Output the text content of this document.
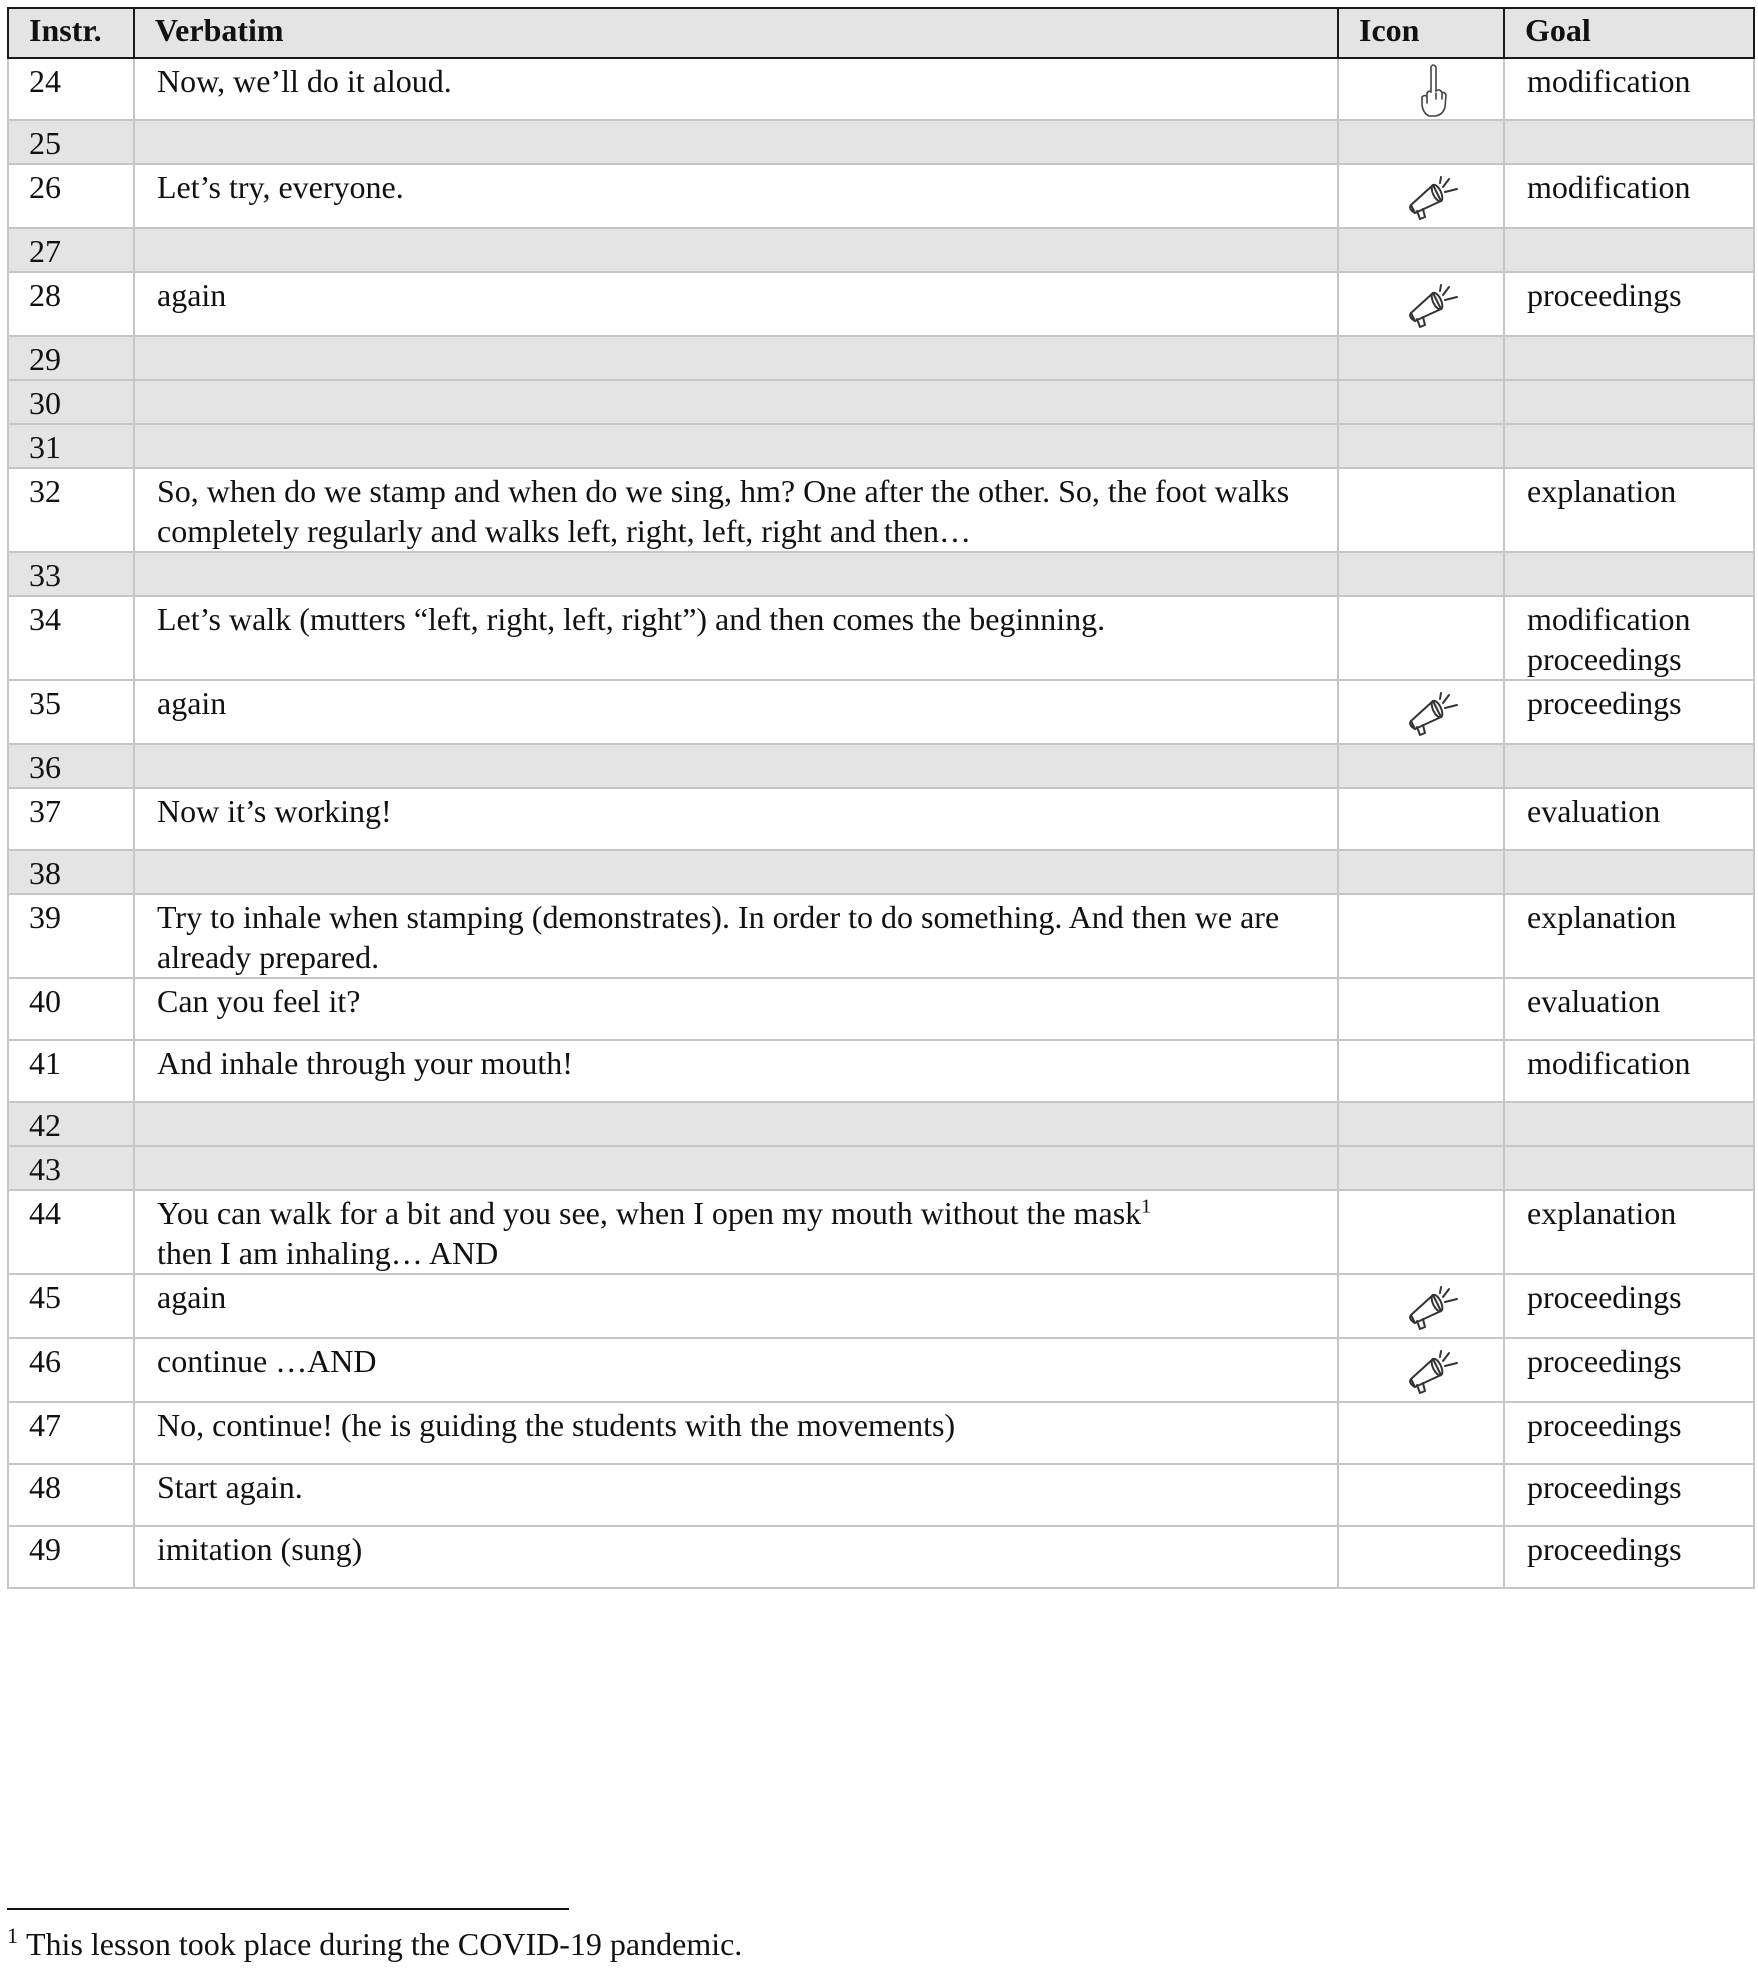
Instr.	Verbatim	Icon	Goal

24	Now, we’ll do it aloud.		modification

25			

26	Let’s try, everyone.		modification

27			

28	again		proceedings

29			

30			

31			

32	So, when do we stamp and when do we sing, hm? One after the other. So, the foot walks completely regularly and walks left, right, left, right and then…		explanation

33			

34	Let’s walk (mutters “left, right, left, right”) and then comes the beginning.		modification
proceedings

35	again		proceedings

36			

37	Now it’s working!		evaluation

38			

39	Try to inhale when stamping (demonstrates). In order to do something. And then we are already prepared.		explanation

40	Can you feel it?		evaluation

41	And inhale through your mouth!		modification

42			

43			

44	You can walk for a bit and you see, when I open my mouth without the mask$^1$
then I am inhaling… AND		explanation

45	again		proceedings

46	continue …AND		proceedings

47	No, continue! (he is guiding the students with the movements)		proceedings

48	Start again.		proceedings

49	imitation (sung)		proceedings
$^1$ This lesson took place during the COVID-19 pandemic.
